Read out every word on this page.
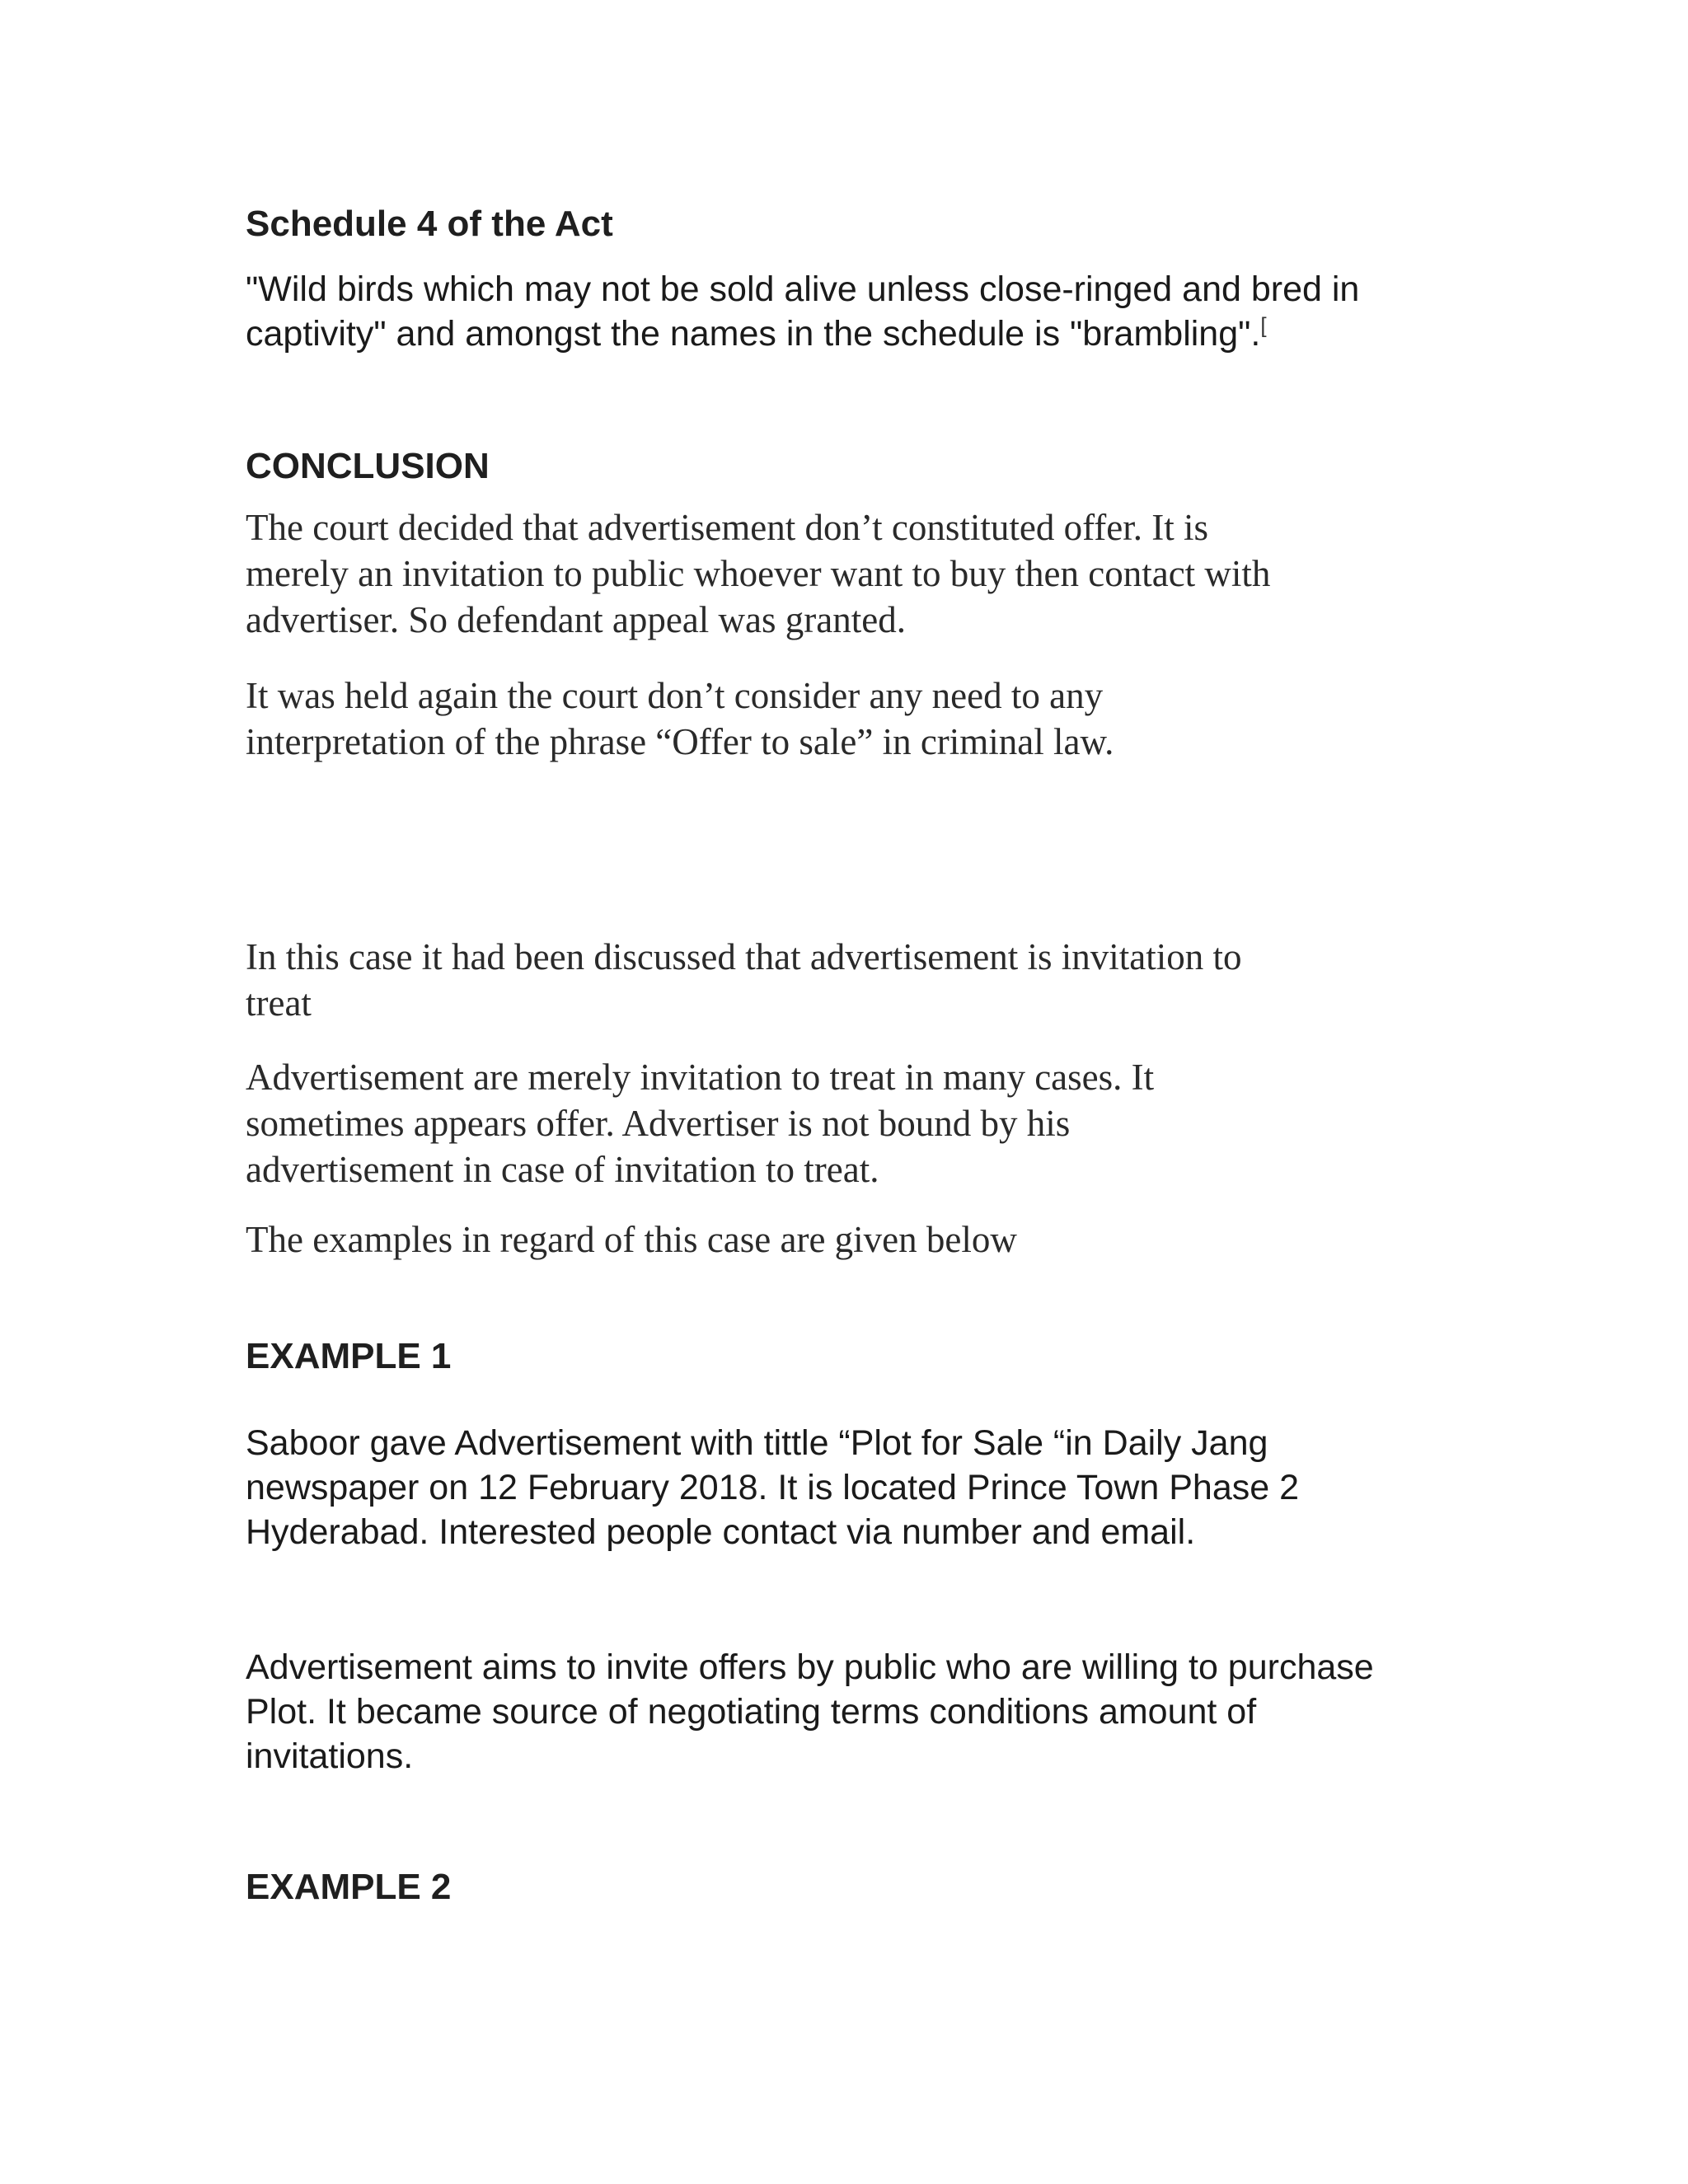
Schedule 4 of the Act

"Wild birds which may not be sold alive unless close-ringed and bred in
captivity" and amongst the names in the schedule is "brambling".[

CONCLUSION

The court decided that advertisement don’t constituted offer. It is
merely an invitation to public whoever want to buy then contact with
advertiser. So defendant appeal was granted.

It was held again the court don’t consider any need to any
interpretation of the phrase “Offer to sale” in criminal law.

In this case it had been discussed that advertisement is invitation to
treat

Advertisement are merely invitation to treat in many cases. It
sometimes appears offer. Advertiser is not bound by his
advertisement in case of invitation to treat.

The examples in regard of this case are given below

EXAMPLE 1

Saboor gave Advertisement with tittle “Plot for Sale “in Daily Jang
newspaper on 12 February 2018. It is located Prince Town Phase 2
Hyderabad. Interested people contact via number and email.

Advertisement aims to invite offers by public who are willing to purchase
Plot. It became source of negotiating terms conditions amount of
invitations.

EXAMPLE 2
